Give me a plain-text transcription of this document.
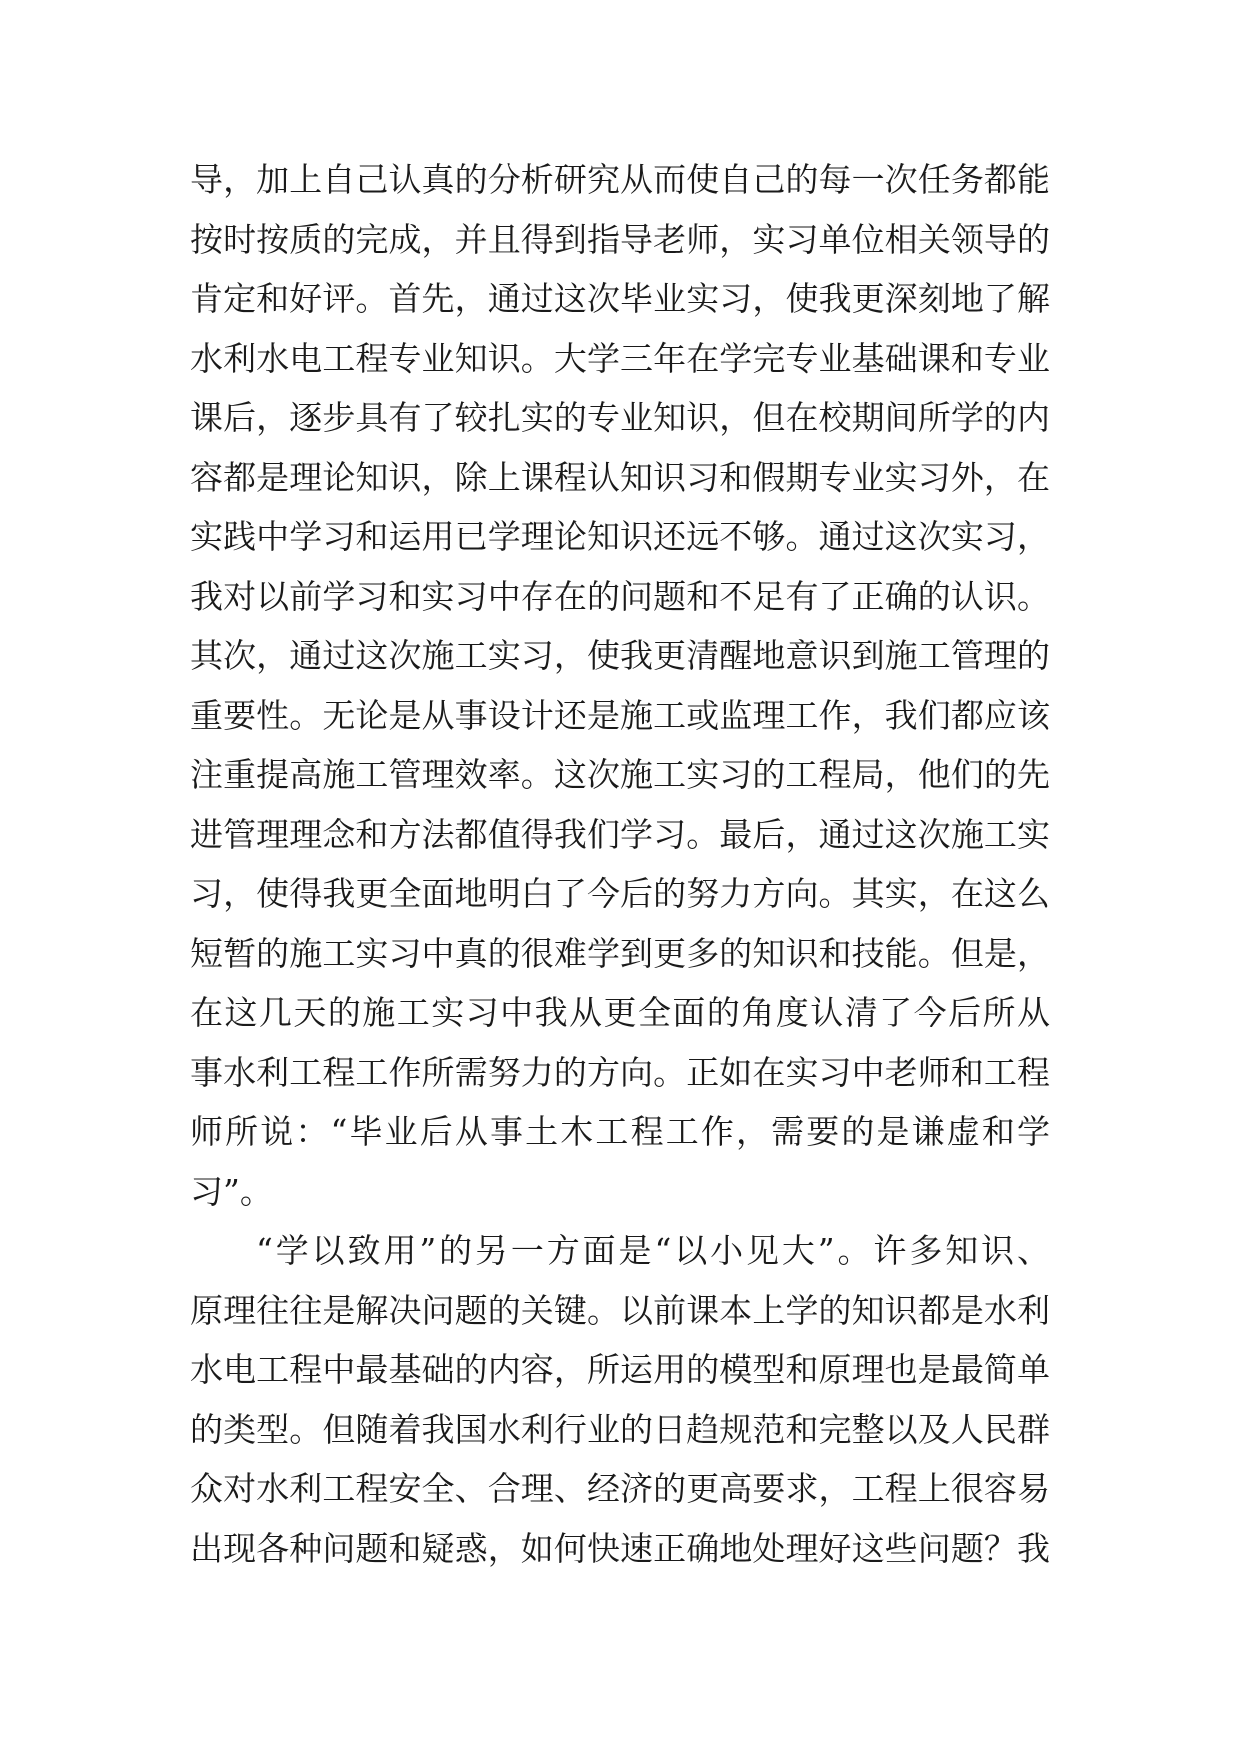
导，加上自己认真的分析研究从而使自己的每一次任务都能
按时按质的完成，并且得到指导老师，实习单位相关领导的
肯定和好评。首先，通过这次毕业实习，使我更深刻地了解
水利水电工程专业知识。大学三年在学完专业基础课和专业
课后，逐步具有了较扎实的专业知识，但在校期间所学的内
容都是理论知识，除上课程认知识习和假期专业实习外，在
实践中学习和运用已学理论知识还远不够。通过这次实习，
我对以前学习和实习中存在的问题和不足有了正确的认识。
其次，通过这次施工实习，使我更清醒地意识到施工管理的
重要性。无论是从事设计还是施工或监理工作，我们都应该
注重提高施工管理效率。这次施工实习的工程局，他们的先
进管理理念和方法都值得我们学习。最后，通过这次施工实
习，使得我更全面地明白了今后的努力方向。其实，在这么
短暂的施工实习中真的很难学到更多的知识和技能。但是，
在这几天的施工实习中我从更全面的角度认清了今后所从
事水利工程工作所需努力的方向。正如在实习中老师和工程
师所说：“毕业后从事土木工程工作，需要的是谦虚和学
习”。
“学以致用”的另一方面是“以小见大”。许多知识、
原理往往是解决问题的关键。以前课本上学的知识都是水利
水电工程中最基础的内容，所运用的模型和原理也是最简单
的类型。但随着我国水利行业的日趋规范和完整以及人民群
众对水利工程安全、合理、经济的更高要求，工程上很容易
出现各种问题和疑惑，如何快速正确地处理好这些问题？我
